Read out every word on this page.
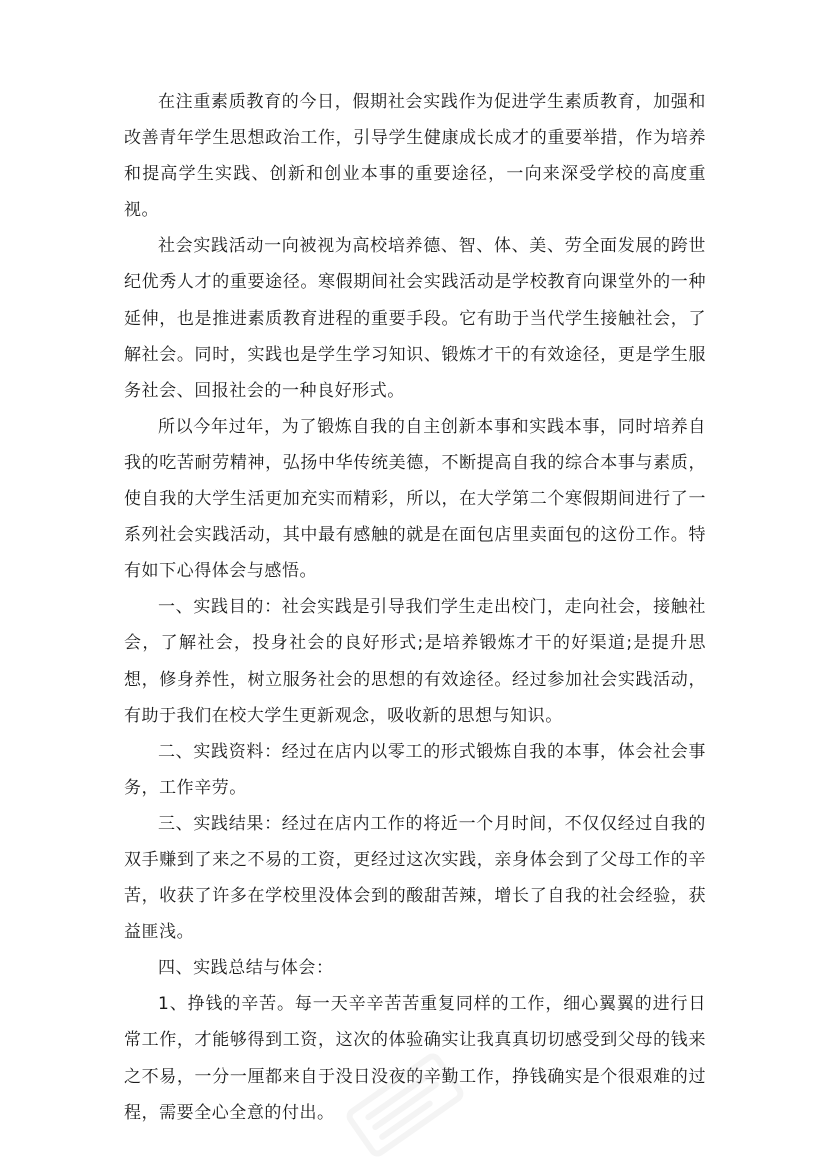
在注重素质教育的今日，假期社会实践作为促进学生素质教育，加强和改善青年学生思想政治工作，引导学生健康成长成才的重要举措，作为培养和提高学生实践、创新和创业本事的重要途径，一向来深受学校的高度重视。

社会实践活动一向被视为高校培养德、智、体、美、劳全面发展的跨世纪优秀人才的重要途径。寒假期间社会实践活动是学校教育向课堂外的一种延伸，也是推进素质教育进程的重要手段。它有助于当代学生接触社会，了解社会。同时，实践也是学生学习知识、锻炼才干的有效途径，更是学生服务社会、回报社会的一种良好形式。

所以今年过年，为了锻炼自我的自主创新本事和实践本事，同时培养自我的吃苦耐劳精神，弘扬中华传统美德，不断提高自我的综合本事与素质，使自我的大学生活更加充实而精彩，所以，在大学第二个寒假期间进行了一系列社会实践活动，其中最有感触的就是在面包店里卖面包的这份工作。特有如下心得体会与感悟。

一、实践目的：社会实践是引导我们学生走出校门，走向社会，接触社会，了解社会，投身社会的良好形式;是培养锻炼才干的好渠道;是提升思想，修身养性，树立服务社会的思想的有效途径。经过参加社会实践活动，有助于我们在校大学生更新观念，吸收新的思想与知识。

二、实践资料：经过在店内以零工的形式锻炼自我的本事，体会社会事务，工作辛劳。

三、实践结果：经过在店内工作的将近一个月时间，不仅仅经过自我的双手赚到了来之不易的工资，更经过这次实践，亲身体会到了父母工作的辛苦，收获了许多在学校里没体会到的酸甜苦辣，增长了自我的社会经验，获益匪浅。

四、实践总结与体会：

1、挣钱的辛苦。每一天辛辛苦苦重复同样的工作，细心翼翼的进行日常工作，才能够得到工资，这次的体验确实让我真真切切感受到父母的钱来之不易，一分一厘都来自于没日没夜的辛勤工作，挣钱确实是个很艰难的过程，需要全心全意的付出。
